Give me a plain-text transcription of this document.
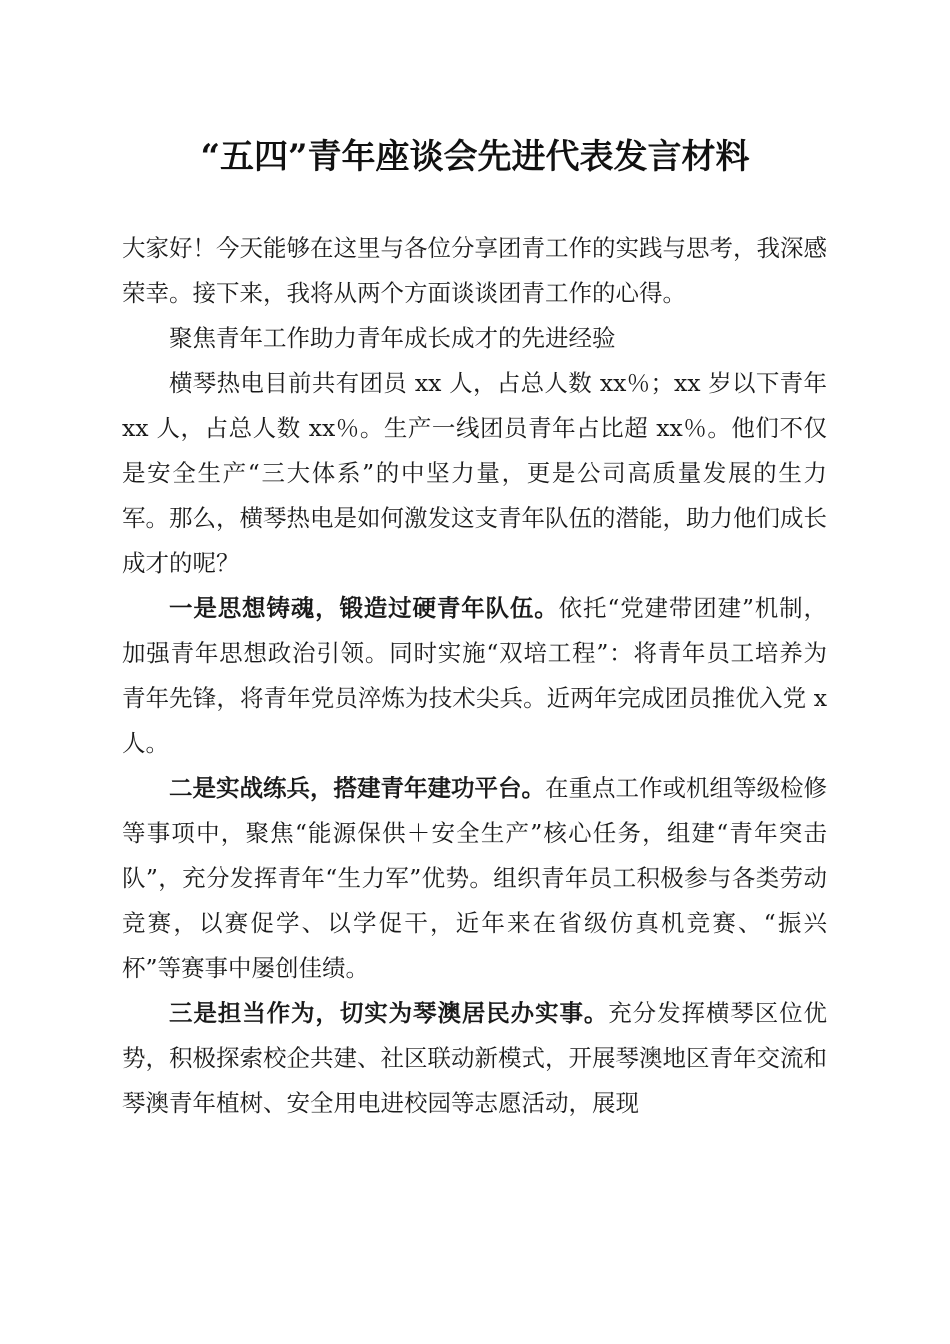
“五四”青年座谈会先进代表发言材料

大家好！今天能够在这里与各位分享团青工作的实践与思考，我深感荣幸。接下来，我将从两个方面谈谈团青工作的心得。

聚焦青年工作助力青年成长成才的先进经验

横琴热电目前共有团员 xx 人，占总人数 xx％；xx 岁以下青年 xx 人，占总人数 xx％。生产一线团员青年占比超 xx％。他们不仅是安全生产“三大体系”的中坚力量，更是公司高质量发展的生力军。那么，横琴热电是如何激发这支青年队伍的潜能，助力他们成长成才的呢？

一是思想铸魂，锻造过硬青年队伍。依托“党建带团建”机制，加强青年思想政治引领。同时实施“双培工程”：将青年员工培养为青年先锋，将青年党员淬炼为技术尖兵。近两年完成团员推优入党 x 人。

二是实战练兵，搭建青年建功平台。在重点工作或机组等级检修等事项中，聚焦“能源保供＋安全生产”核心任务，组建“青年突击队”，充分发挥青年“生力军”优势。组织青年员工积极参与各类劳动竞赛，以赛促学、以学促干，近年来在省级仿真机竞赛、“振兴杯”等赛事中屡创佳绩。

三是担当作为，切实为琴澳居民办实事。充分发挥横琴区位优势，积极探索校企共建、社区联动新模式，开展琴澳地区青年交流和琴澳青年植树、安全用电进校园等志愿活动，展现
